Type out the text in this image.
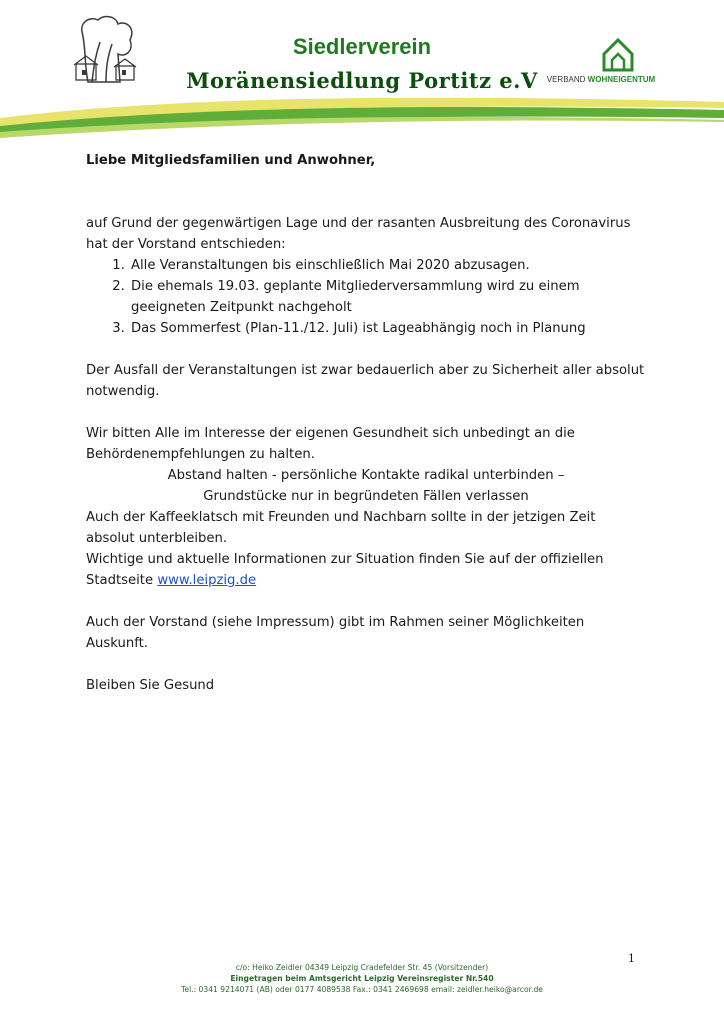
Siedlerverein
Moränensiedlung Portitz e.V	VERBAND WOHNEIGENTUM

Liebe Mitgliedsfamilien und Anwohner,

auf Grund der gegenwärtigen Lage und der rasanten Ausbreitung des Coronavirus hat der Vorstand entschieden:

1. Alle Veranstaltungen bis einschließlich Mai 2020 abzusagen.
2. Die ehemals 19.03. geplante Mitgliederversammlung wird zu einem geeigneten Zeitpunkt nachgeholt
3. Das Sommerfest (Plan-11./12. Juli) ist Lageabhängig noch in Planung

Der Ausfall der Veranstaltungen ist zwar bedauerlich aber zu Sicherheit aller absolut notwendig.

Wir bitten Alle im Interesse der eigenen Gesundheit sich unbedingt an die Behördenempfehlungen zu halten.

Abstand halten - persönliche Kontakte radikal unterbinden –

Grundstücke nur in begründeten Fällen verlassen

Auch der Kaffeeklatsch mit Freunden und Nachbarn sollte in der jetzigen Zeit absolut unterbleiben.

Wichtige und aktuelle Informationen zur Situation finden Sie auf der offiziellen Stadtseite www.leipzig.de

Auch der Vorstand (siehe Impressum) gibt im Rahmen seiner Möglichkeiten Auskunft.

Bleiben Sie Gesund

1
c/o: Heiko Zeidler 04349 Leipzig Cradefelder Str. 45 (Vorsitzender)
Eingetragen beim Amtsgericht Leipzig Vereinsregister Nr.540
Tel.: 0341 9214071 (AB) oder 0177 4089538 Fax.: 0341 2469698 email: zeidler.heiko@arcor.de
